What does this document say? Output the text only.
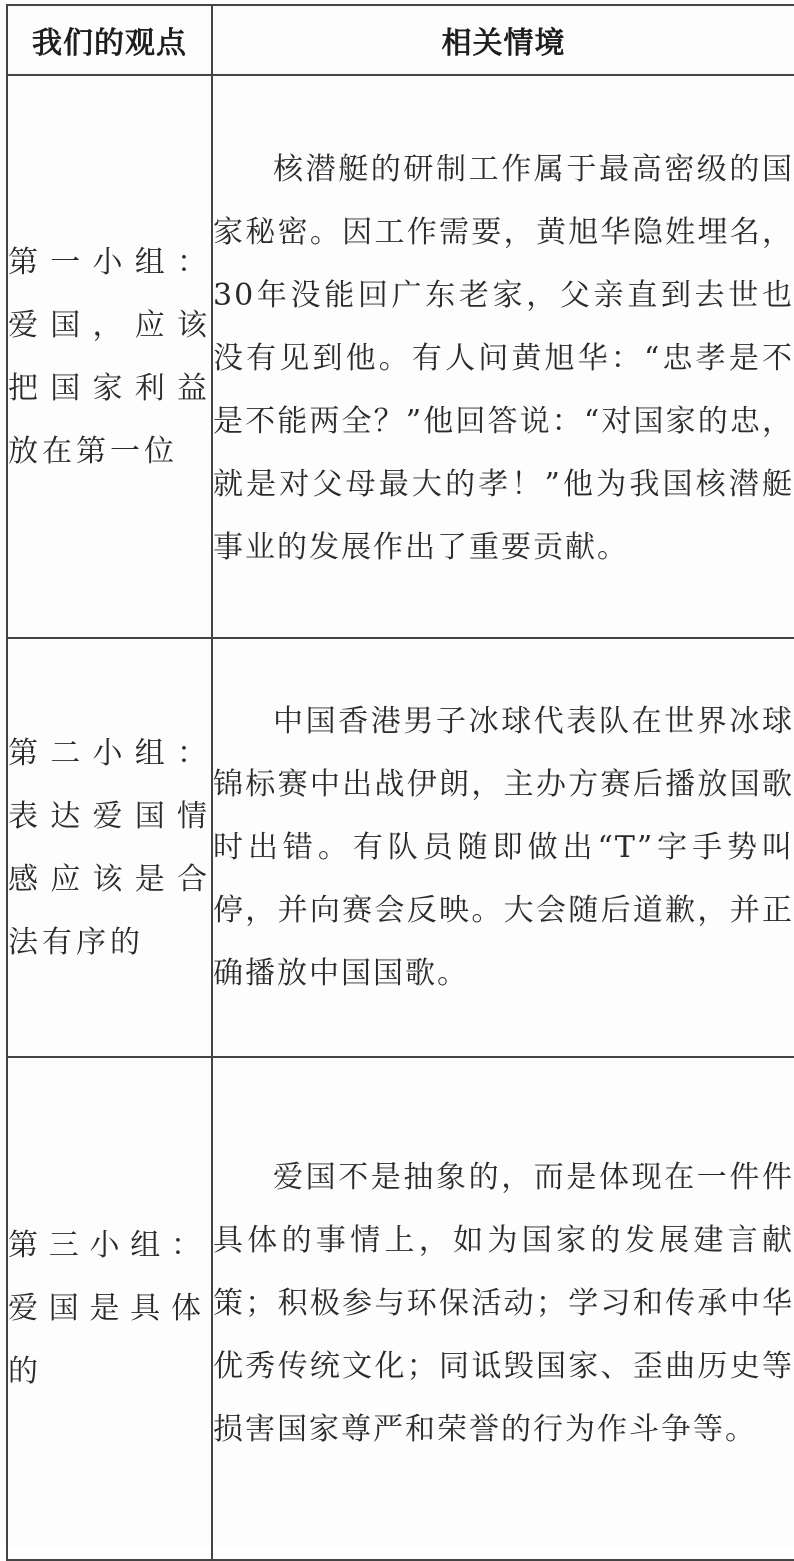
我们的观点	相关情境
第一小组：爱国，应该把国家利益放在第一位	核潜艇的研制工作属于最高密级的国家秘密。因工作需要，黄旭华隐姓埋名，30年没能回广东老家，父亲直到去世也没有见到他。有人问黄旭华：“忠孝是不是不能两全？”他回答说：“对国家的忠，就是对父母最大的孝！”他为我国核潜艇事业的发展作出了重要贡献。
第二小组：表达爱国情感应该是合法有序的	中国香港男子冰球代表队在世界冰球锦标赛中出战伊朗，主办方赛后播放国歌时出错。有队员随即做出“T”字手势叫停，并向赛会反映。大会随后道歉，并正确播放中国国歌。
第三小组：爱国是具体的	爱国不是抽象的，而是体现在一件件具体的事情上，如为国家的发展建言献策；积极参与环保活动；学习和传承中华优秀传统文化；同诋毁国家、歪曲历史等损害国家尊严和荣誉的行为作斗争等。
